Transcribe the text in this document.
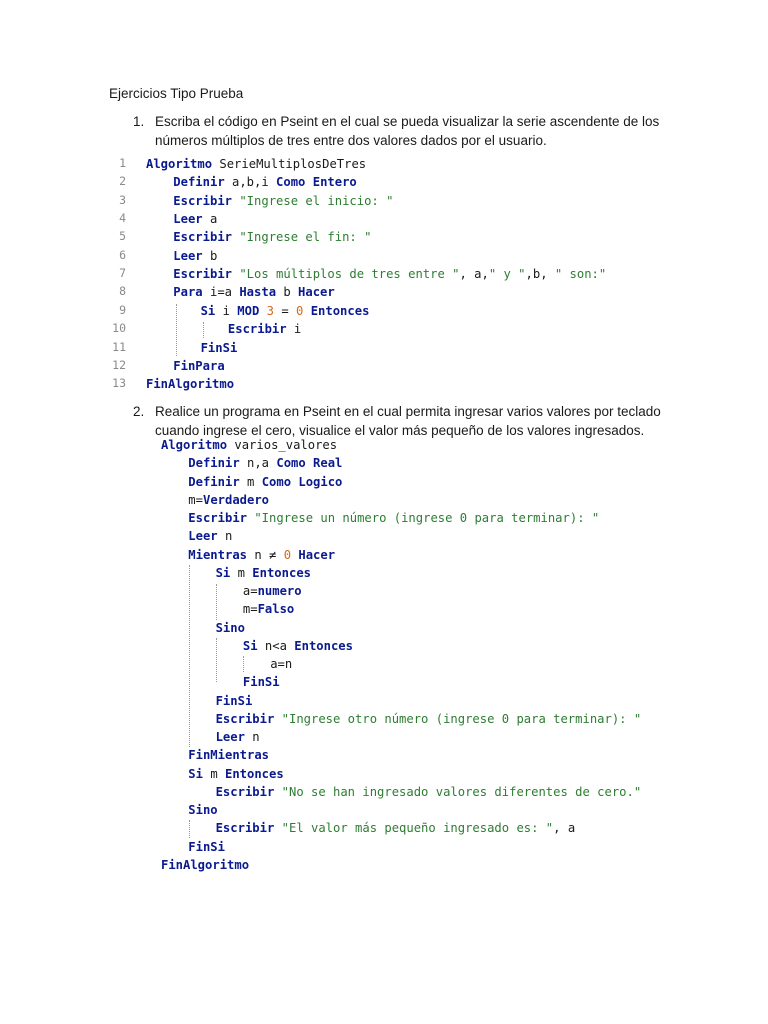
Ejercicios Tipo Prueba
1. Escriba el código en Pseint en el cual se pueda visualizar la serie ascendente de los
números múltiplos de tres entre dos valores dados por el usuario.
Algoritmo SerieMultiplosDeTres
1
Definir a,b,i Como Entero
2
Escribir "Ingrese el inicio: "
3
Leer a
4
Escribir "Ingrese el fin: "
5
Leer b
6
Escribir "Los múltiplos de tres entre ", a," y ",b, " son:"
7
Para i=a Hasta b Hacer
8
Si i MOD 3 = 0 Entonces
9
Escribir i
10
FinSi
11
FinPara
12
FinAlgoritmo
13
2. Realice un programa en Pseint en el cual permita ingresar varios valores por teclado
cuando ingrese el cero, visualice el valor más pequeño de los valores ingresados.
Algoritmo varios_valores
Definir n,a Como Real
Definir m Como Logico
m=Verdadero
Escribir "Ingrese un número (ingrese 0 para terminar): "
Leer n
Mientras n ≠ 0 Hacer
Si m Entonces
a=numero
m=Falso
Sino
Si n<a Entonces
a=n
FinSi
FinSi
Escribir "Ingrese otro número (ingrese 0 para terminar): "
Leer n
FinMientras
Si m Entonces
Escribir "No se han ingresado valores diferentes de cero."
Sino
Escribir "El valor más pequeño ingresado es: ", a
FinSi
FinAlgoritmo
